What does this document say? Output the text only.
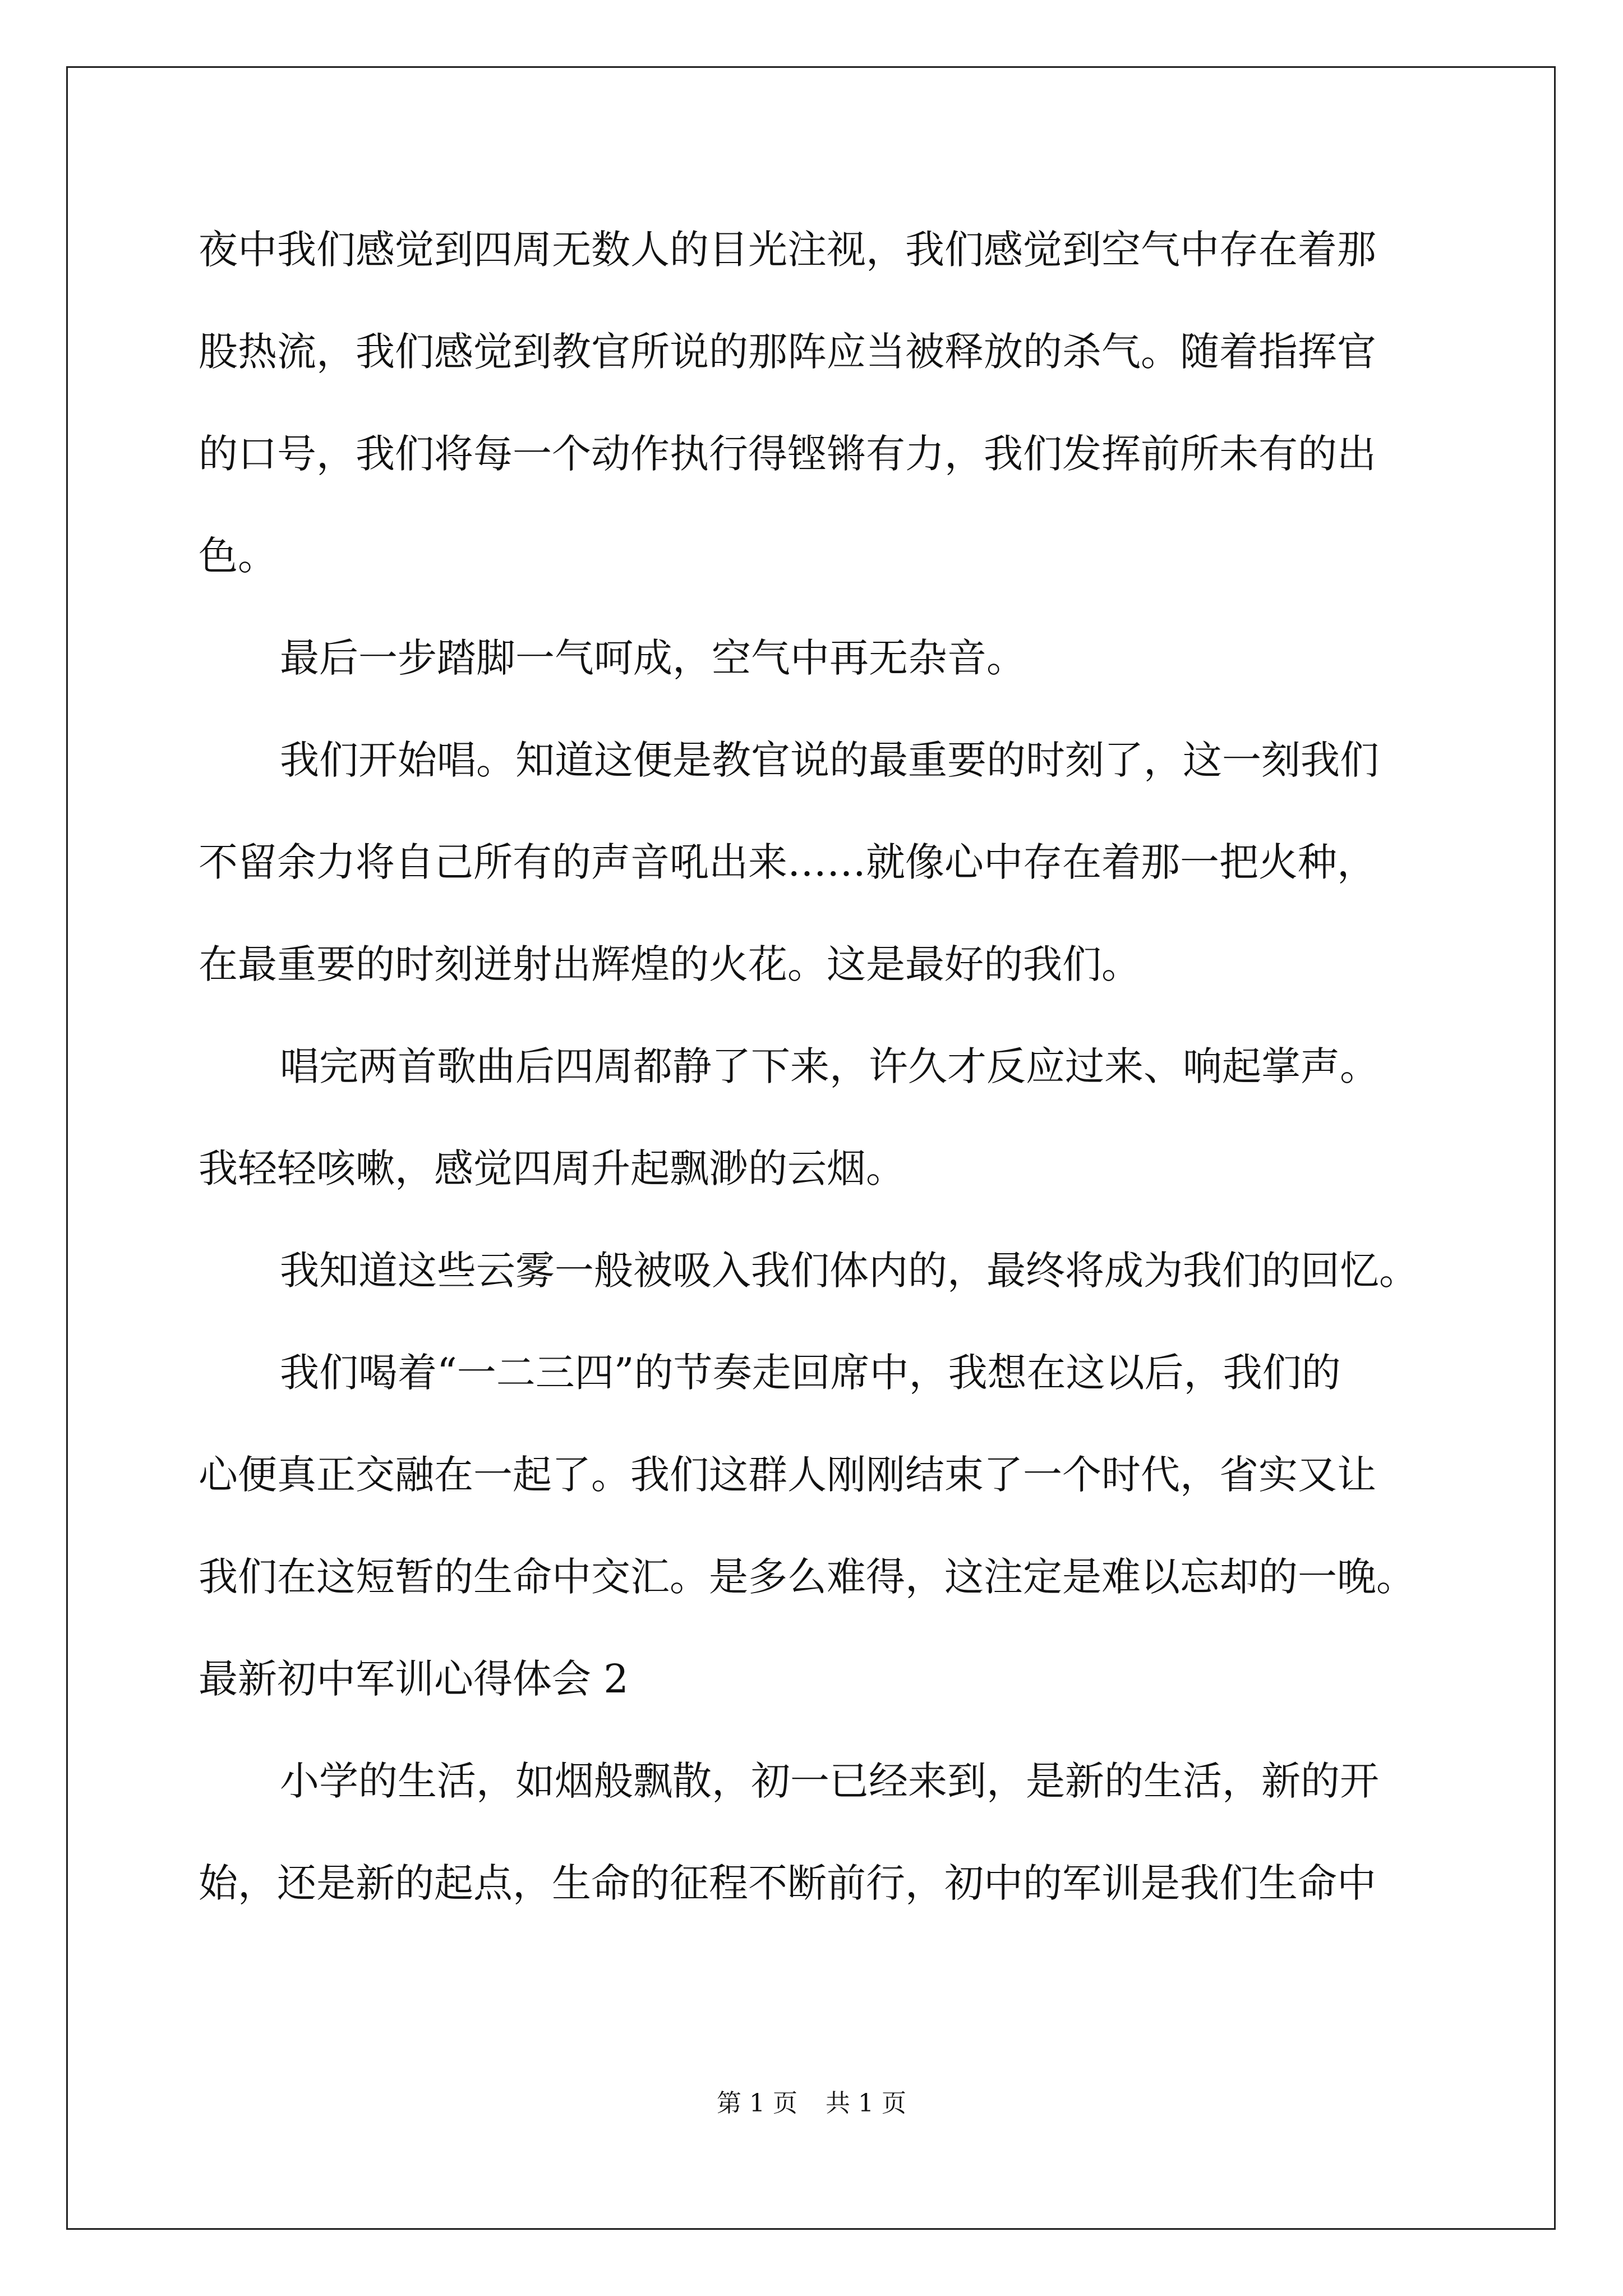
夜中我们感觉到四周无数人的目光注视，我们感觉到空气中存在着那
股热流，我们感觉到教官所说的那阵应当被释放的杀气。随着指挥官
的口号，我们将每一个动作执行得铿锵有力，我们发挥前所未有的出
色。
最后一步踏脚一气呵成，空气中再无杂音。
我们开始唱。知道这便是教官说的最重要的时刻了，这一刻我们
不留余力将自己所有的声音吼出来……就像心中存在着那一把火种，
在最重要的时刻迸射出辉煌的火花。这是最好的我们。
唱完两首歌曲后四周都静了下来，许久才反应过来、响起掌声。
我轻轻咳嗽，感觉四周升起飘渺的云烟。
我知道这些云雾一般被吸入我们体内的，最终将成为我们的回忆。
我们喝着“一二三四”的节奏走回席中，我想在这以后，我们的
心便真正交融在一起了。我们这群人刚刚结束了一个时代，省实又让
我们在这短暂的生命中交汇。是多么难得，这注定是难以忘却的一晚。
最新初中军训心得体会 2
小学的生活，如烟般飘散，初一已经来到，是新的生活，新的开
始，还是新的起点，生命的征程不断前行，初中的军训是我们生命中
第 1 页 共 1 页
